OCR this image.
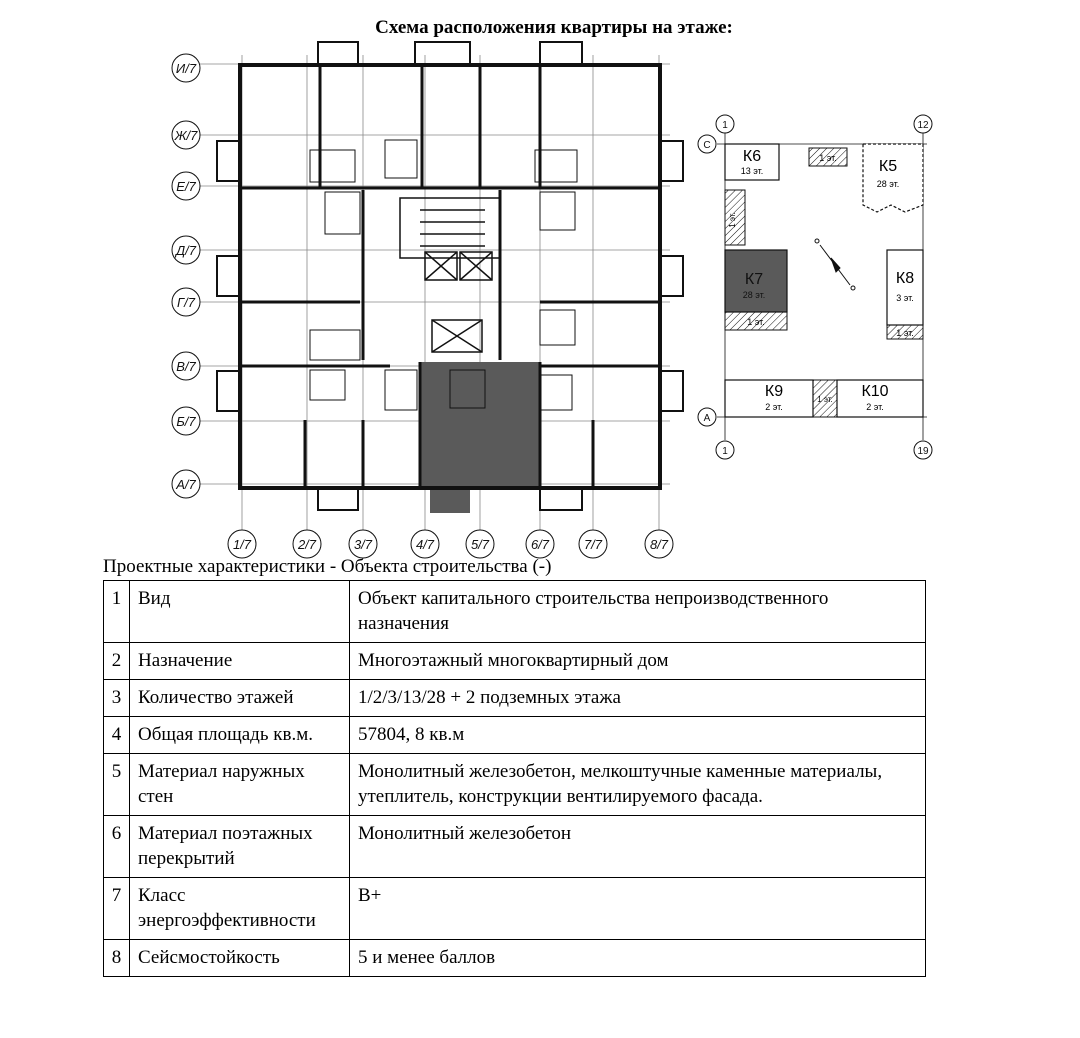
Схема расположения квартиры на этаже:
И/7
Ж/7
Е/7
Д/7
Г/7
В/7
Б/7
А/7
1/7	2/7	3/7	4/7	5/7	6/7	7/7	8/7
К6
13 эт.
1 эт.	К5
28 эт.
1 эт.
К7
28 эт.
1 эт.
К8
3 эт.
1 эт.
К9
2 эт.
1 эт. К10
2 эт.
1	12
С
А
1	19
Проектные характеристики - Объекта строительства (-)
1	Вид	Объект капитального строительства непроизводственного назначения
2	Назначение	Многоэтажный многоквартирный дом
3	Количество этажей	1/2/3/13/28 + 2 подземных этажа
4	Общая площадь кв.м.	57804, 8 кв.м
5	Материал наружных стен	Монолитный железобетон, мелкоштучные каменные материалы, утеплитель, конструкции вентилируемого фасада.
6	Материал поэтажных перекрытий	Монолитный железобетон
7	Класс энергоэффективности	В+
8	Сейсмостойкость	5 и менее баллов
